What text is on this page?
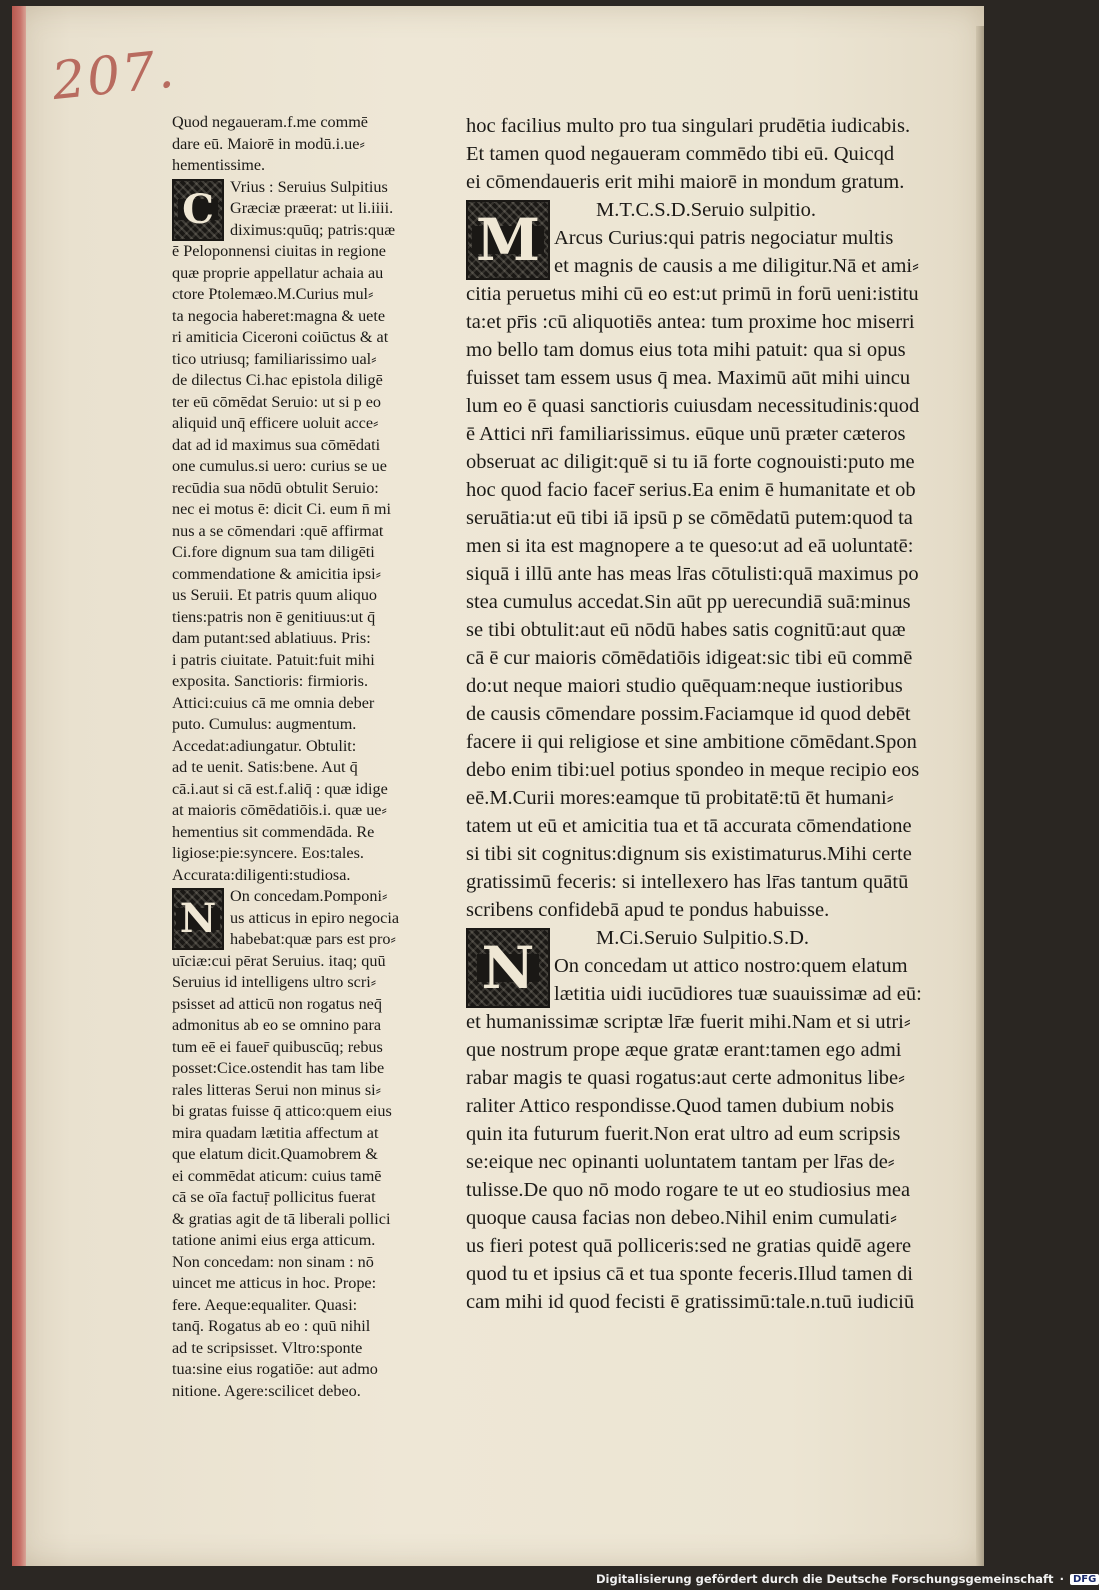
207.
Quod negaueram.f.me commē
dare eū. Maiorē in modū.i.ue⸗
hementissime.
C Vrius : Seruius Sulpitius
Græciæ præerat: ut li.iiii.
diximus:quūq; patris:quæ
ē Peloponnensi ciuitas in regione
quæ proprie appellatur achaia au
ctore Ptolemæo.M.Curius mul⸗
ta negocia haberet:magna & uete
ri amiticia Ciceroni coiūctus & at
tico utriusq; familiarissimo ual⸗
de dilectus Ci.hac epistola diligē
ter eū cōmēdat Seruio: ut si p eo
aliquid unq̄ efficere uoluit acce⸗
dat ad id maximus sua cōmēdati
one cumulus.si uero: curius se ue
recūdia sua nōdū obtulit Seruio:
nec ei motus ē: dicit Ci. eum n̄ mi
nus a se cōmendari :quē affirmat
Ci.fore dignum sua tam diligēti
commendatione & amicitia ipsi⸗
us Seruii. Et patris quum aliquo
tiens:patris non ē genitiuus:ut q̄
dam putant:sed ablatiuus. Pris:
i patris ciuitate. Patuit:fuit mihi
exposita. Sanctioris: firmioris.
Attici:cuius cā me omnia deber
puto. Cumulus: augmentum.
Accedat:adiungatur. Obtulit:
ad te uenit. Satis:bene. Aut q̄
cā.i.aut si cā est.f.aliq̄ : quæ idige
at maioris cōmēdatiōis.i. quæ ue⸗
hementius sit commendāda. Re
ligiose:pie:syncere. Eos:tales.
Accurata:diligenti:studiosa.
N On concedam.Pomponi⸗
us atticus in epiro negocia
habebat:quæ pars est pro⸗
uīciæ:cui pērat Seruius. itaq; quū
Seruius id intelligens ultro scri⸗
psisset ad atticū non rogatus neq̄
admonitus ab eo se omnino para
tum eē ei fauer̄ quibuscūq; rebus
posset:Cice.ostendit has tam libe
rales litteras Serui non minus si⸗
bi gratas fuisse q̄ attico:quem eius
mira quadam lætitia affectum at
que elatum dicit.Quamobrem &
ei commēdat aticum: cuius tamē
cā se oīa factuṝ pollicitus fuerat
& gratias agit de tā liberali pollici
tatione animi eius erga atticum.
Non concedam: non sinam : nō
uincet me atticus in hoc. Prope:
fere. Aeque:equaliter. Quasi:
tanq̄. Rogatus ab eo : quū nihil
ad te scripsisset. Vltro:sponte
tua:sine eius rogatiōe: aut admo
nitione. Agere:scilicet debeo.
hoc facilius multo pro tua singulari prudētia iudicabis.
Et tamen quod negaueram commēdo tibi eū. Quicqd
ei cōmendaueris erit mihi maiorē in mondum gratum.
M	M.T.C.S.D.Seruio sulpitio.
Arcus Curius:qui patris negociatur multis
et magnis de causis a me diligitur.Nā et ami⸗
citia peruetus mihi cū eo est:ut primū in forū ueni:istitu
ta:et pr̄is :cū aliquotiēs antea: tum proxime hoc miserri
mo bello tam domus eius tota mihi patuit: qua si opus
fuisset tam essem usus q̄ mea. Maximū aūt mihi uincu
lum eo ē quasi sanctioris cuiusdam necessitudinis:quod
ē Attici nr̄i familiarissimus. eūque unū præter cæteros
obseruat ac diligit:quē si tu iā forte cognouisti:puto me
hoc quod facio facer̄ serius.Ea enim ē humanitate et ob
seruātia:ut eū tibi iā ipsū p se cōmēdatū putem:quod ta
men si ita est magnopere a te queso:ut ad eā uoluntatē:
siquā i illū ante has meas lr̄as cōtulisti:quā maximus po
stea cumulus accedat.Sin aūt pp uerecundiā suā:minus
se tibi obtulit:aut eū nōdū habes satis cognitū:aut quæ
cā ē cur maioris cōmēdatiōis idigeat:sic tibi eū commē
do:ut neque maiori studio quēquam:neque iustioribus
de causis cōmendare possim.Faciamque id quod debēt
facere ii qui religiose et sine ambitione cōmēdant.Spon
debo enim tibi:uel potius spondeo in meque recipio eos
eē.M.Curii mores:eamque tū probitatē:tū ēt humani⸗
tatem ut eū et amicitia tua et tā accurata cōmendatione
si tibi sit cognitus:dignum sis existimaturus.Mihi certe
gratissimū feceris: si intellexero has lr̄as tantum quātū
scribens confidebā apud te pondus habuisse.
N	M.Ci.Seruio Sulpitio.S.D.
On concedam ut attico nostro:quem elatum
lætitia uidi iucūdiores tuæ suauissimæ ad eū:
et humanissimæ scriptæ lr̄æ fuerit mihi.Nam et si utri⸗
que nostrum prope æque gratæ erant:tamen ego admi
rabar magis te quasi rogatus:aut certe admonitus libe⸗
raliter Attico respondisse.Quod tamen dubium nobis
quin ita futurum fuerit.Non erat ultro ad eum scripsis
se:eique nec opinanti uoluntatem tantam per lr̄as de⸗
tulisse.De quo nō modo rogare te ut eo studiosius mea
quoque causa facias non debeo.Nihil enim cumulati⸗
us fieri potest quā polliceris:sed ne gratias quidē agere
quod tu et ipsius cā et tua sponte feceris.Illud tamen di
cam mihi id quod fecisti ē gratissimū:tale.n.tuū iudiciū
Digitalisierung gefördert durch die Deutsche Forschungsgemeinschaft · DFG
